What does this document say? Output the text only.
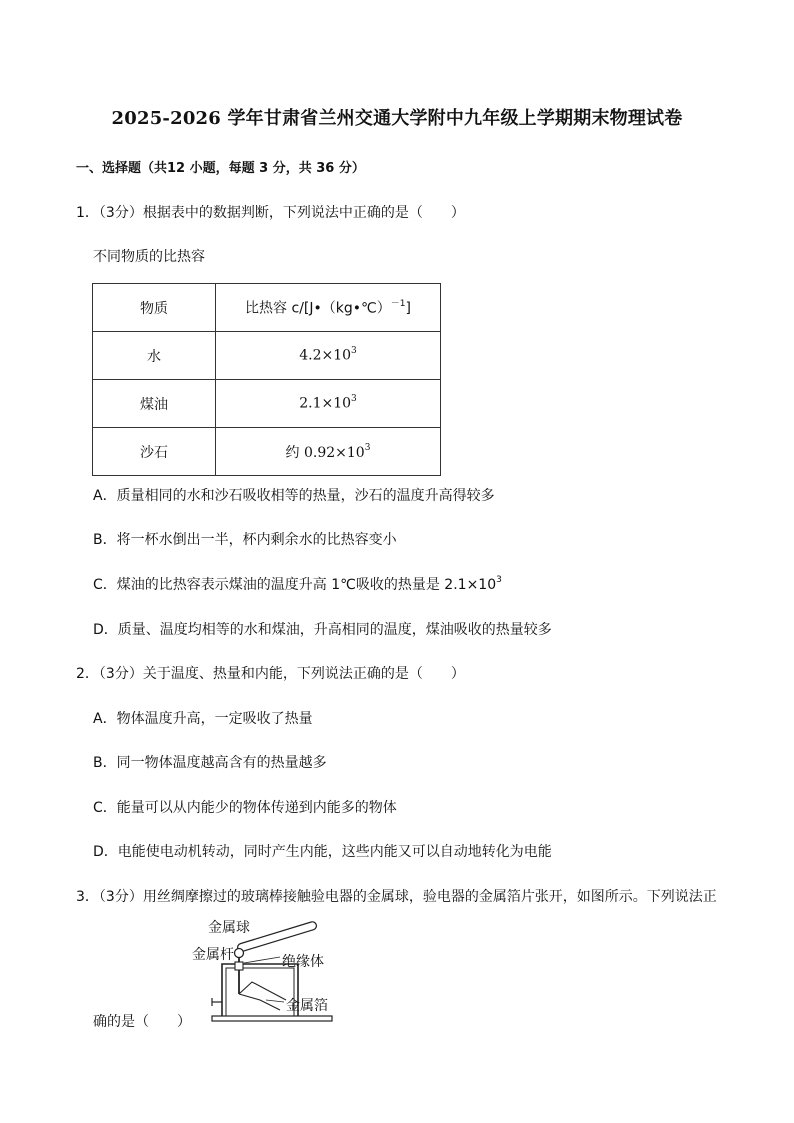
2025-2026 学年甘肃省兰州交通大学附中九年级上学期期末物理试卷
一、选择题（共12 小题，每题 3 分，共 36 分）
1．（3分）根据表中的数据判断，下列说法中正确的是（　　）
不同物质的比热容
物质	比热容 c/[J•（kg•℃）$^{-1}$]
水	$4.2\times 10^3$
煤油	$2.1\times 10^3$
沙石	约 $0.92\times 10^3$
A．质量相同的水和沙石吸收相等的热量，沙石的温度升高得较多
B．将一杯水倒出一半，杯内剩余水的比热容变小
C．煤油的比热容表示煤油的温度升高 1℃吸收的热量是 $2.1\times 10^3$
D．质量、温度均相等的水和煤油，升高相同的温度，煤油吸收的热量较多
2．（3分）关于温度、热量和内能，下列说法正确的是（　　）
A．物体温度升高，一定吸收了热量
B．同一物体温度越高含有的热量越多
C．能量可以从内能少的物体传递到内能多的物体
D．电能使电动机转动，同时产生内能，这些内能又可以自动地转化为电能
3．（3分）用丝绸摩擦过的玻璃棒接触验电器的金属球，验电器的金属箔片张开，如图所示。下列说法正
金属球
金属杆	绝缘体
金属箔
确的是（　　）
